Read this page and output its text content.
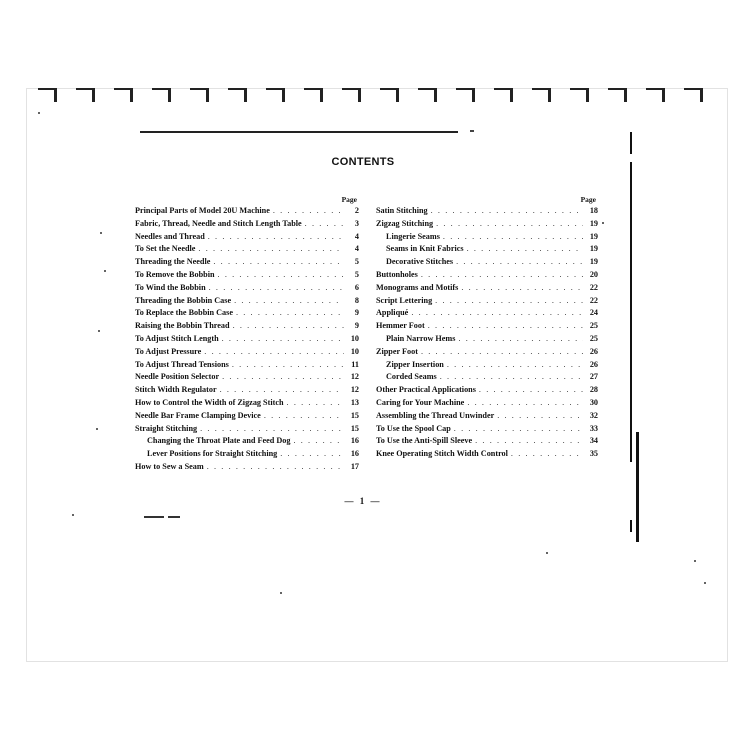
CONTENTS
Page
Principal Parts of Model 20U Machine . . .	2
Fabric, Thread, Needle and Stitch Length Table . . .	3
Needles and Thread . . .	4
To Set the Needle . . .	4
Threading the Needle . . .	5
To Remove the Bobbin . . .	5
To Wind the Bobbin . . .	6
Threading the Bobbin Case . . .	8
To Replace the Bobbin Case . . .	9
Raising the Bobbin Thread . . .	9
To Adjust Stitch Length . . .	10
To Adjust Pressure . . .	10
To Adjust Thread Tensions . . .	11
Needle Position Selector . . .	12
Stitch Width Regulator . . .	12
How to Control the Width of Zigzag Stitch . . .	13
Needle Bar Frame Clamping Device . . .	15
Straight Stitching . . .	15
Changing the Throat Plate and Feed Dog . . .	16
Lever Positions for Straight Stitching . . .	16
How to Sew a Seam . . .	17
Page
Satin Stitching . . .	18
Zigzag Stitching . . .	19
Lingerie Seams . . .	19
Seams in Knit Fabrics . . .	19
Decorative Stitches . . .	19
Buttonholes . . .	20
Monograms and Motifs . . .	22
Script Lettering . . .	22
Appliqué . . .	24
Hemmer Foot . . .	25
Plain Narrow Hems . . .	25
Zipper Foot . . .	26
Zipper Insertion . . .	26
Corded Seams . . .	27
Other Practical Applications . . .	28
Caring for Your Machine . . .	30
Assembling the Thread Unwinder . . .	32
To Use the Spool Cap . . .	33
To Use the Anti-Spill Sleeve . . .	34
Knee Operating Stitch Width Control . . .	35
— 1 —
